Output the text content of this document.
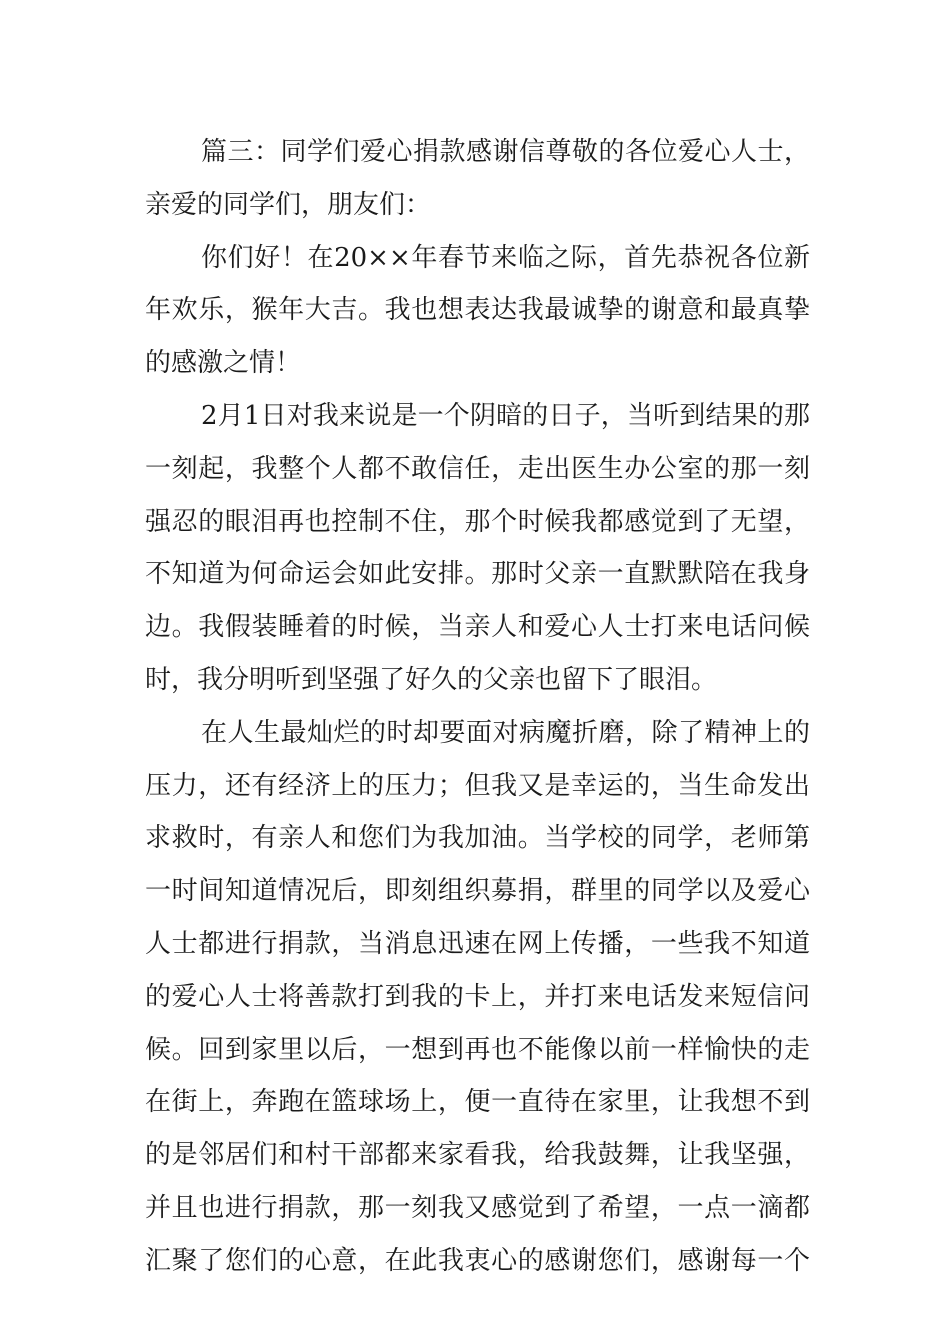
篇三：同学们爱心捐款感谢信尊敬的各位爱心人士，
亲爱的同学们，朋友们：
你们好！在20××年春节来临之际，首先恭祝各位新
年欢乐，猴年大吉。我也想表达我最诚挚的谢意和最真挚
的感激之情！
2月1日对我来说是一个阴暗的日子，当听到结果的那
一刻起，我整个人都不敢信任，走出医生办公室的那一刻
强忍的眼泪再也控制不住，那个时候我都感觉到了无望，
不知道为何命运会如此安排。那时父亲一直默默陪在我身
边。我假装睡着的时候，当亲人和爱心人士打来电话问候
时，我分明听到坚强了好久的父亲也留下了眼泪。
在人生最灿烂的时却要面对病魔折磨，除了精神上的
压力，还有经济上的压力；但我又是幸运的，当生命发出
求救时，有亲人和您们为我加油。当学校的同学，老师第
一时间知道情况后，即刻组织募捐，群里的同学以及爱心
人士都进行捐款，当消息迅速在网上传播，一些我不知道
的爱心人士将善款打到我的卡上，并打来电话发来短信问
候。回到家里以后，一想到再也不能像以前一样愉快的走
在街上，奔跑在篮球场上，便一直待在家里，让我想不到
的是邻居们和村干部都来家看我，给我鼓舞，让我坚强，
并且也进行捐款，那一刻我又感觉到了希望，一点一滴都
汇聚了您们的心意，在此我衷心的感谢您们，感谢每一个
